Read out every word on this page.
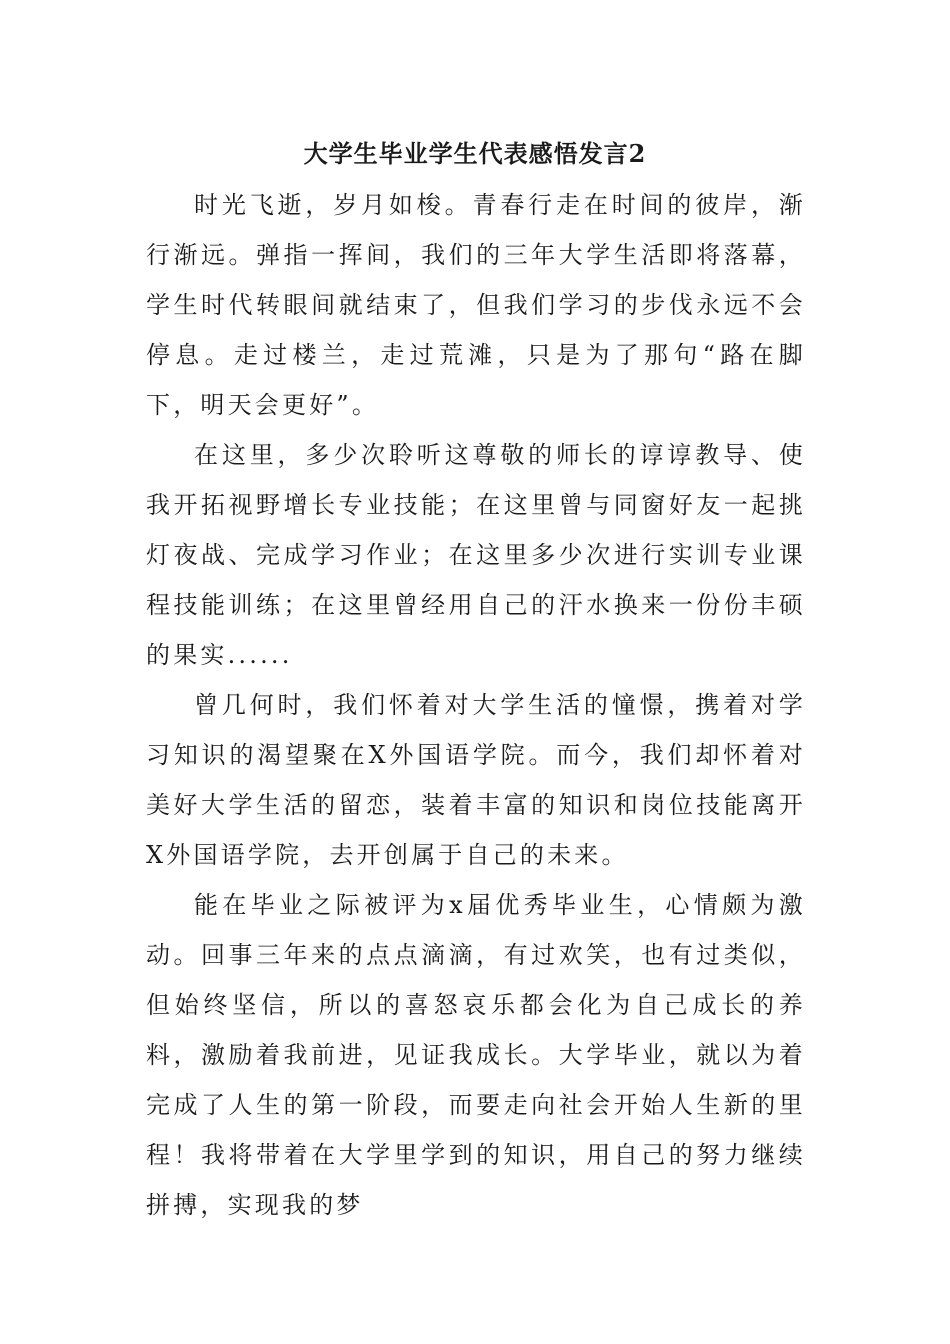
大学生毕业学生代表感悟发言2

时光飞逝，岁月如梭。青春行走在时间的彼岸，渐行渐远。弹指一挥间，我们的三年大学生活即将落幕，学生时代转眼间就结束了，但我们学习的步伐永远不会停息。走过楼兰，走过荒滩，只是为了那句“路在脚下，明天会更好”。

在这里，多少次聆听这尊敬的师长的谆谆教导、使我开拓视野增长专业技能；在这里曾与同窗好友一起挑灯夜战、完成学习作业；在这里多少次进行实训专业课程技能训练；在这里曾经用自己的汗水换来一份份丰硕的果实......

曾几何时，我们怀着对大学生活的憧憬，携着对学习知识的渴望聚在X外国语学院。而今，我们却怀着对美好大学生活的留恋，装着丰富的知识和岗位技能离开X外国语学院，去开创属于自己的未来。

能在毕业之际被评为x届优秀毕业生，心情颇为激动。回事三年来的点点滴滴，有过欢笑，也有过类似，但始终坚信，所以的喜怒哀乐都会化为自己成长的养料，激励着我前进，见证我成长。大学毕业，就以为着完成了人生的第一阶段，而要走向社会开始人生新的里程！我将带着在大学里学到的知识，用自己的努力继续拼搏，实现我的梦
